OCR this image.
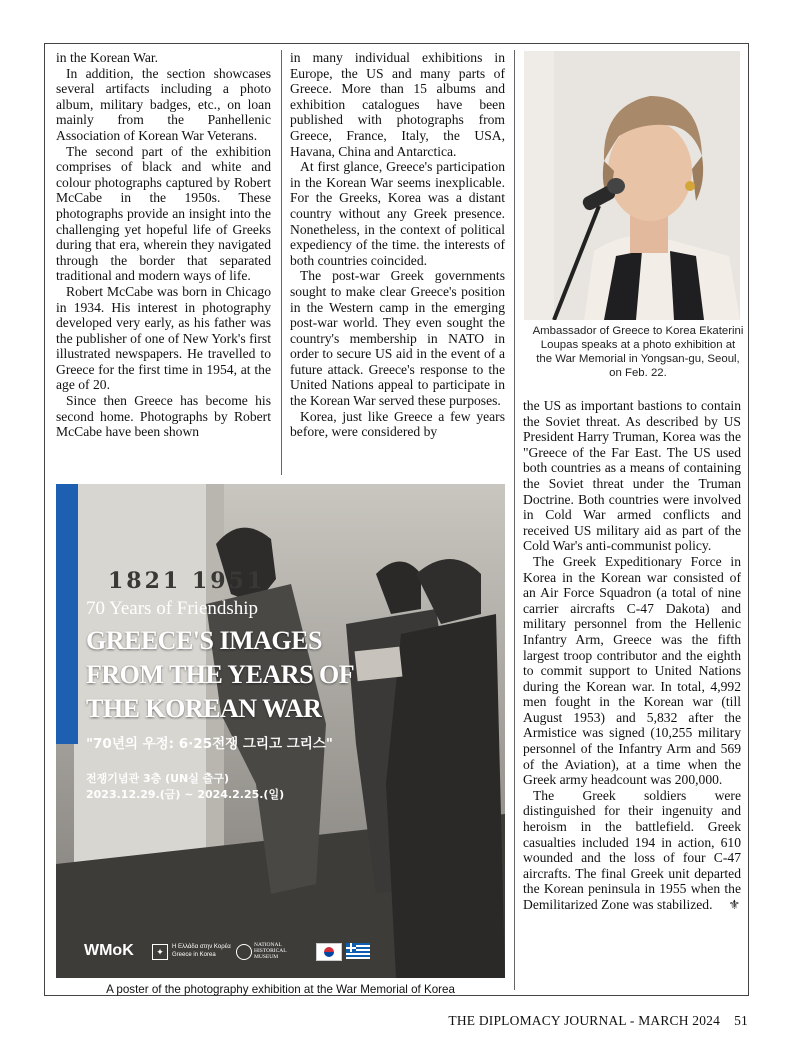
in the Korean War.

In addition, the section showcases several artifacts including a photo album, military badges, etc., on loan mainly from the Panhellenic Association of Korean War Veterans.

The second part of the exhibition comprises of black and white and colour photographs captured by Robert McCabe in the 1950s. These photographs provide an insight into the challenging yet hopeful life of Greeks during that era, wherein they navigated through the border that separated traditional and modern ways of life.

Robert McCabe was born in Chicago in 1934. His interest in photography developed very early, as his father was the publisher of one of New York's first illustrated newspapers. He travelled to Greece for the first time in 1954, at the age of 20.

Since then Greece has become his second home. Photographs by Robert McCabe have been shown

in many individual exhibitions in Europe, the US and many parts of Greece. More than 15 albums and exhibition catalogues have been published with photographs from Greece, France, Italy, the USA, Havana, China and Antarctica.

At first glance, Greece's participation in the Korean War seems inexplicable. For the Greeks, Korea was a distant country without any Greek presence. Nonetheless, in the context of political expediency of the time. the interests of both countries coincided.

The post-war Greek governments sought to make clear Greece's position in the Western camp in the emerging post-war world. They even sought the country's membership in NATO in order to secure US aid in the event of a future attack. Greece's response to the United Nations appeal to participate in the Korean War served these purposes.

Korea, just like Greece a few years before, were considered by

Ambassador of Greece to Korea Ekaterini Loupas speaks at a photo exhibition at the War Memorial in Yongsan-gu, Seoul, on Feb. 22.

the US as important bastions to contain the Soviet threat. As described by US President Harry Truman, Korea was the "Greece of the Far East. The US used both countries as a means of containing the Soviet threat under the Truman Doctrine. Both countries were involved in Cold War armed conflicts and received US military aid as part of the Cold War's anti-communist policy.

The Greek Expeditionary Force in Korea in the Korean war consisted of an Air Force Squadron (a total of nine carrier aircrafts C-47 Dakota) and military personnel from the Hellenic Infantry Arm, Greece was the fifth largest troop contributor and the eighth to commit support to United Nations during the Korean war. In total, 4,992 men fought in the Korean war (till August 1953) and 5,832 after the Armistice was signed (10,255 military personnel of the Infantry Arm and 569 of the Aviation), at a time when the Greek army headcount was 200,000.

The Greek soldiers were distinguished for their ingenuity and heroism in the battlefield. Greek casualties included 194 in action, 610 wounded and the loss of four C-47 aircrafts. The final Greek unit departed the Korean peninsula in 1955 when the Demilitarized Zone was stabilized. ⚜

1821 1951
70 Years of Friendship
GREECE'S IMAGES
FROM THE YEARS OF
THE KOREAN WAR
"70년의 우정: 6·25전쟁 그리고 그리스"
전쟁기념관 3층 (UN실 출구)
2023.12.29.(금) ~ 2024.2.25.(일)
WMoK	✦	Η Ελλάδα στην Κορέα Greece in Korea
NATIONAL HISTORICAL MUSEUM
A poster of the photography exhibition at the War Memorial of Korea
THE DIPLOMACY JOURNAL - MARCH 2024 51
